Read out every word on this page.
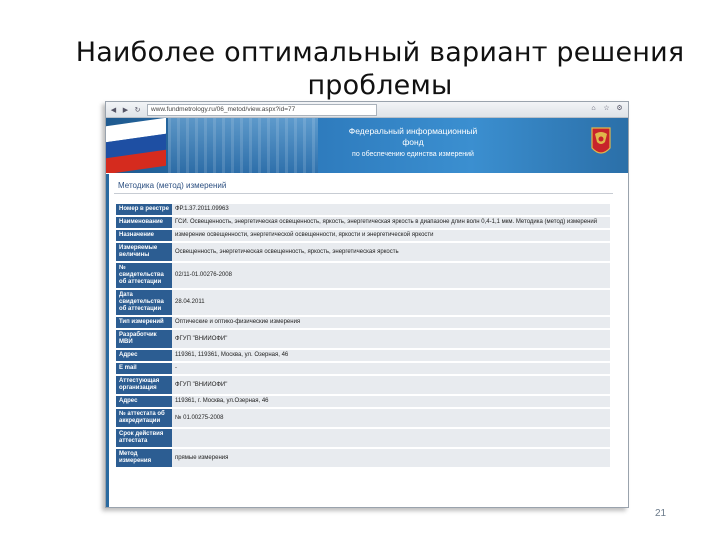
Наиболее оптимальный вариант решения проблемы
◀ ▶ ↻	www.fundmetrology.ru/06_metod/view.aspx?id=77	⌂	☆ ⚙
Федеральный информационный
фонд
по обеспечению единства измерений
Методика (метод) измерений
Номер в реестре	ФР.1.37.2011.09963
Наименование	ГСИ. Освещенность, энергетическая освещенность, яркость, энергетическая яркость в диапазоне длин волн 0,4-1,1 мкм. Методика (метод) измерений
Назначение	измерение освещенности, энергетической освещенности, яркости и энергетической яркости
Измеряемые величины	Освещенность, энергетическая освещенность, яркость, энергетическая яркость
№ свидетельства об аттестации	02/11-01.00276-2008
Дата свидетельства об аттестации	28.04.2011
Тип измерений	Оптические и оптико-физические измерения
Разработчик МВИ	ФГУП "ВНИИОФИ"
Адрес	119361, 119361, Москва, ул. Озерная, 46
E mail	-
Аттестующая организация	ФГУП "ВНИИОФИ"
Адрес	119361, г. Москва, ул.Озерная, 46
№ аттестата об аккредитации	№ 01.00275-2008
Срок действия аттестата	
Метод измерения	прямые измерения
21
